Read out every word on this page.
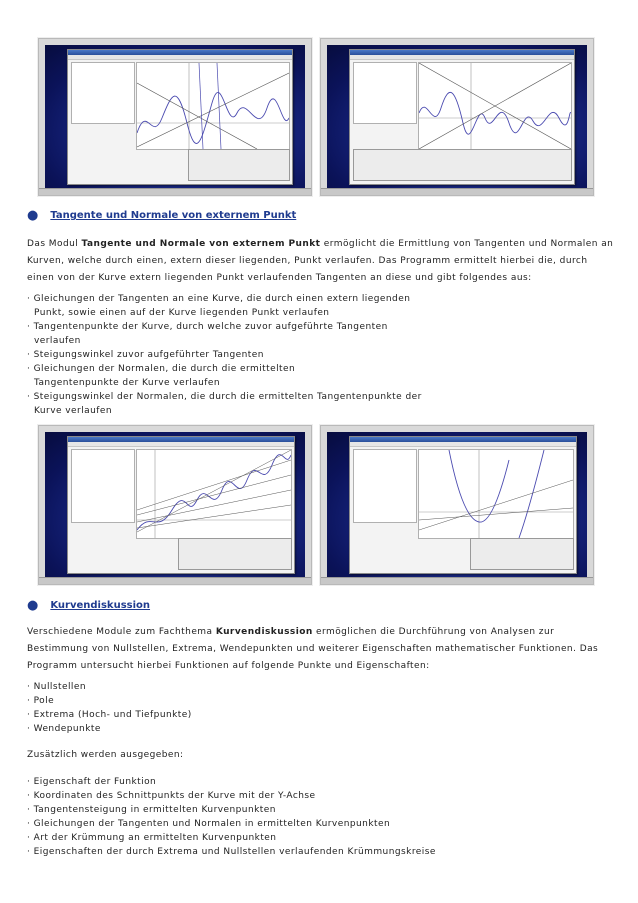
● Tangente und Normale von externem Punkt
Das Modul Tangente und Normale von externem Punkt ermöglicht die Ermittlung von Tangenten und Normalen an Kurven, welche durch einen, extern dieser liegenden, Punkt verlaufen. Das Programm ermittelt hierbei die, durch einen von der Kurve extern liegenden Punkt verlaufenden Tangenten an diese und gibt folgendes aus:
· Gleichungen der Tangenten an eine Kurve, die durch einen extern liegenden
Punkt, sowie einen auf der Kurve liegenden Punkt verlaufen
· Tangentenpunkte der Kurve, durch welche zuvor aufgeführte Tangenten
verlaufen
· Steigungswinkel zuvor aufgeführter Tangenten
· Gleichungen der Normalen, die durch die ermittelten
Tangentenpunkte der Kurve verlaufen
· Steigungswinkel der Normalen, die durch die ermittelten Tangentenpunkte der
Kurve verlaufen
● Kurvendiskussion
Verschiedene Module zum Fachthema Kurvendiskussion ermöglichen die Durchführung von Analysen zur Bestimmung von Nullstellen, Extrema, Wendepunkten und weiterer Eigenschaften mathematischer Funktionen. Das Programm untersucht hierbei Funktionen auf folgende Punkte und Eigenschaften:
· Nullstellen
· Pole
· Extrema (Hoch- und Tiefpunkte)
· Wendepunkte
Zusätzlich werden ausgegeben:
· Eigenschaft der Funktion
· Koordinaten des Schnittpunkts der Kurve mit der Y-Achse
· Tangentensteigung in ermittelten Kurvenpunkten
· Gleichungen der Tangenten und Normalen in ermittelten Kurvenpunkten
· Art der Krümmung an ermittelten Kurvenpunkten
· Eigenschaften der durch Extrema und Nullstellen verlaufenden Krümmungskreise
